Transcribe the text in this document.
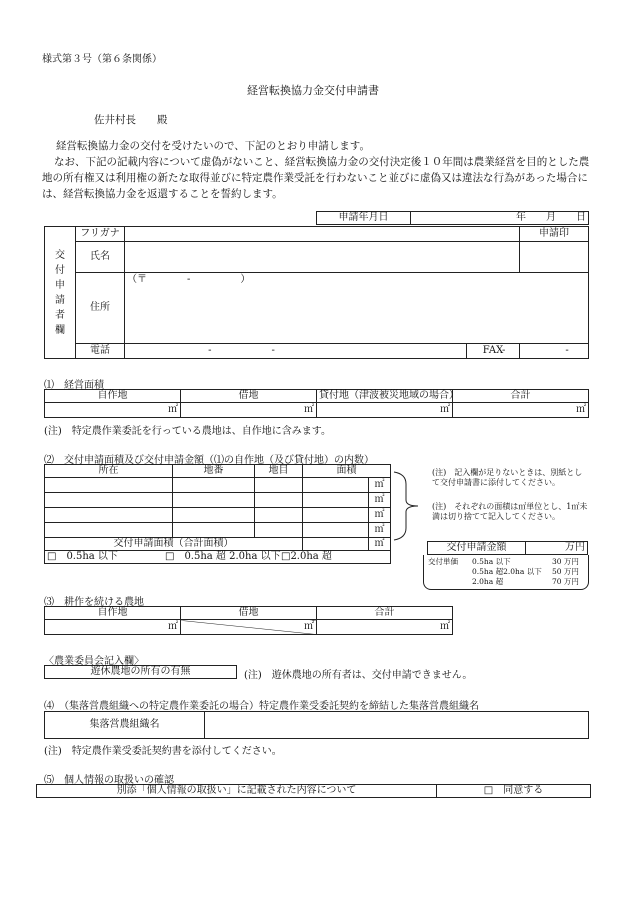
様式第３号（第６条関係）
経営転換協力金交付申請書
佐井村長　　殿
経営転換協力金の交付を受けたいので、下記のとおり申請します。
なお、下記の記載内容について虚偽がないこと、経営転換協力金の交付決定後１０年間は農業経営を目的とした農地の所有権又は利用権の新たな取得並びに特定農作業受託を行わないこと並びに虚偽又は違法な行為があった場合には、経営転換協力金を返還することを誓約します。
申請年月日	年　　月　　日
交付申請者欄	フリガナ			申請印
	氏名			
	住所	（〒　　　　-　　　　　）		

	電話	-　　　　　　-	FAX	-　　　　　　-
⑴　経営面積
自作地	借地	貸付地（津波被災地域の場合）	合計
㎡	㎡	㎡	㎡
(注)　特定農作業委託を行っている農地は、自作地に含みます。
⑵　交付申請面積及び交付申請金額（⑴の自作地（及び貸付地）の内数）
所在	地番	地目	面積	
				㎡
				㎡
				㎡
				㎡
交付申請面積（合計面積）				㎡
□　0.5ha 以下 □　0.5ha 超 2.0ha 以下□2.0ha 超				
(注)　記入欄が足りないときは、別紙として交付申請書に添付してください。
(注)　それぞれの面積は㎡単位とし、1㎡未満は切り捨てて記入してください。
交付申請金額	万円
交付単価 0.5ha 以下	30 万円
0.5ha 超2.0ha 以下 50 万円
2.0ha 超	70 万円
⑶　耕作を続ける農地
自作地	借地	合計
㎡	㎡	㎡
〈農業委員会記入欄〉
遊休農地の所有の有無	(注)　遊休農地の所有者は、交付申請できません。
⑷　（集落営農組織への特定農作業委託の場合）特定農作業受委託契約を締結した集落営農組織名
集落営農組織名	
(注)　特定農作業受委託契約書を添付してください。
⑸　個人情報の取扱いの確認
別添「個人情報の取扱い」に記載された内容について	□　同意する
